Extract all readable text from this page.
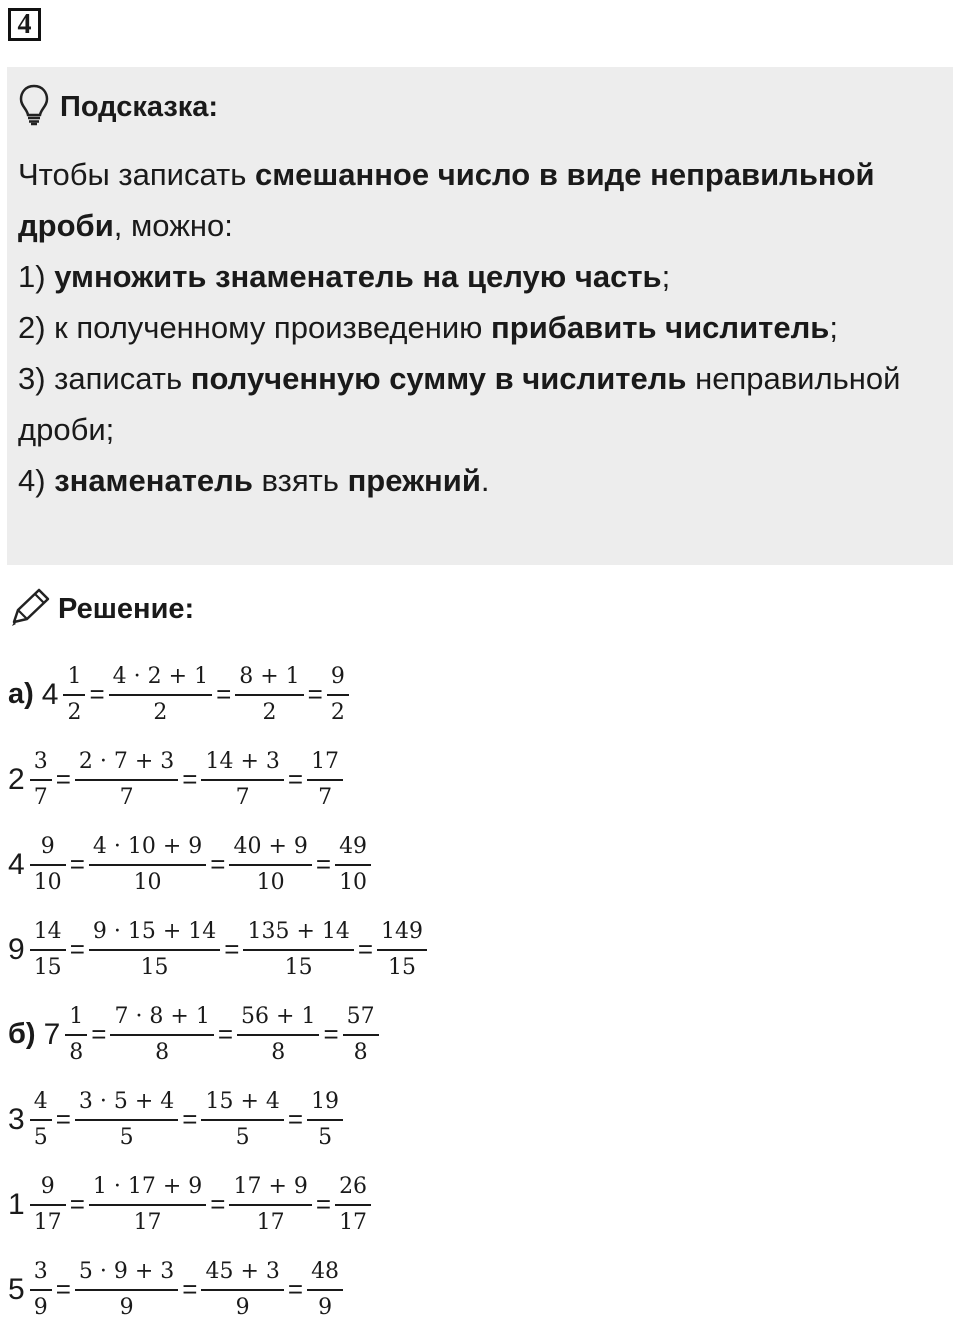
4
Подсказка:

Чтобы записать смешанное число в виде неправильной дроби, можно:

1) умножить знаменатель на целую часть;

2) к полученному произведению прибавить числитель;

3) записать полученную сумму в числитель неправильной дроби;

4) знаменатель взять прежний.

Решение:
а) $4 \frac{1}{2} = \frac{4 \cdot 2 + 1}{2} = \frac{8 + 1}{2} = \frac{9}{2}$
$2 \frac{3}{7} = \frac{2 \cdot 7 + 3}{7} = \frac{14 + 3}{7} = \frac{17}{7}$
$4 \frac{9}{10} = \frac{4 \cdot 10 + 9}{10} = \frac{40 + 9}{10} = \frac{49}{10}$
$9 \frac{14}{15} = \frac{9 \cdot 15 + 14}{15} = \frac{135 + 14}{15} = \frac{149}{15}$
б) $7 \frac{1}{8} = \frac{7 \cdot 8 + 1}{8} = \frac{56 + 1}{8} = \frac{57}{8}$
$3 \frac{4}{5} = \frac{3 \cdot 5 + 4}{5} = \frac{15 + 4}{5} = \frac{19}{5}$
$1 \frac{9}{17} = \frac{1 \cdot 17 + 9}{17} = \frac{17 + 9}{17} = \frac{26}{17}$
$5 \frac{3}{9} = \frac{5 \cdot 9 + 3}{9} = \frac{45 + 3}{9} = \frac{48}{9}$
